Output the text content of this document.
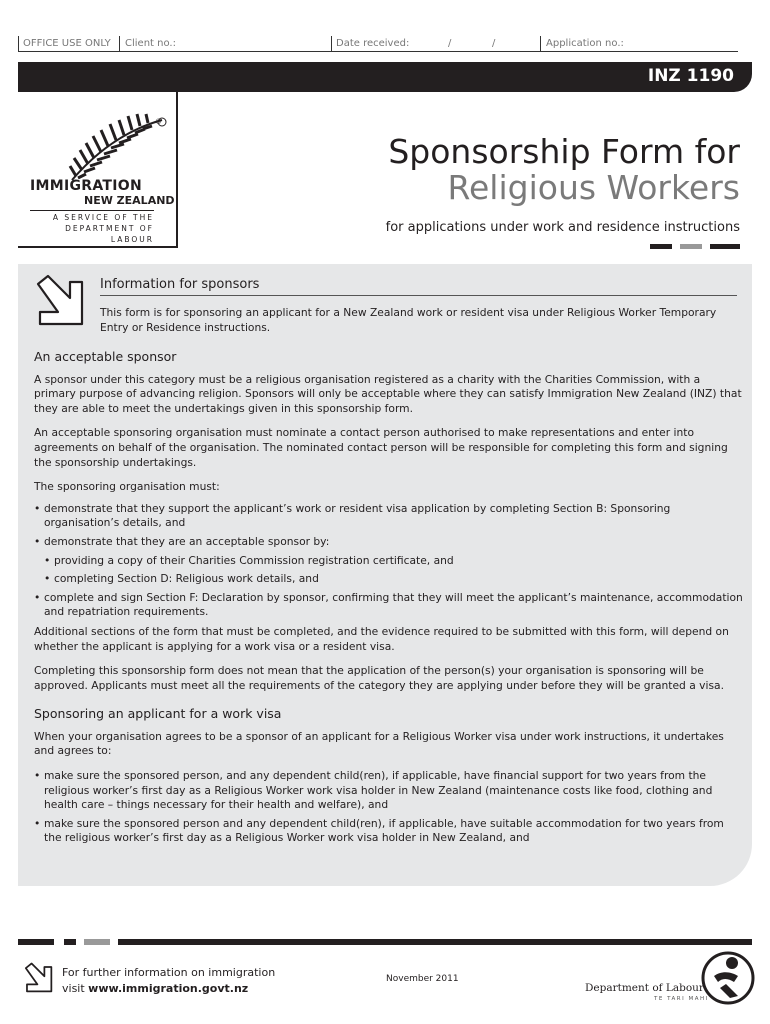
OFFICE USE ONLY Client no.:	Date received:	/	/	Application no.:
INZ 1190
®
IMMIGRATION
NEW ZEALAND
A SERVICE OF THE
DEPARTMENT OF LABOUR
Sponsorship Form for
Religious Workers
for applications under work and residence instructions
Information for sponsors
This form is for sponsoring an applicant for a New Zealand work or resident visa under Religious Worker Temporary Entry or Residence instructions.
An acceptable sponsor

A sponsor under this category must be a religious organisation registered as a charity with the Charities Commission, with a primary purpose of advancing religion. Sponsors will only be acceptable where they can satisfy Immigration New Zealand (INZ) that they are able to meet the undertakings given in this sponsorship form.

An acceptable sponsoring organisation must nominate a contact person authorised to make representations and enter into agreements on behalf of the organisation. The nominated contact person will be responsible for completing this form and signing the sponsorship undertakings.

The sponsoring organisation must:

• demonstrate that they support the applicant’s work or resident visa application by completing Section B: Sponsoring organisation’s details, and
• demonstrate that they are an acceptable sponsor by:
• providing a copy of their Charities Commission registration certificate, and
• completing Section D: Religious work details, and
• complete and sign Section F: Declaration by sponsor, confirming that they will meet the applicant’s maintenance, accommodation and repatriation requirements.

Additional sections of the form that must be completed, and the evidence required to be submitted with this form, will depend on whether the applicant is applying for a work visa or a resident visa.

Completing this sponsorship form does not mean that the application of the person(s) your organisation is sponsoring will be approved. Applicants must meet all the requirements of the category they are applying under before they will be granted a visa.

Sponsoring an applicant for a work visa

When your organisation agrees to be a sponsor of an applicant for a Religious Worker visa under work instructions, it undertakes and agrees to:

• make sure the sponsored person, and any dependent child(ren), if applicable, have financial support for two years from the religious worker’s first day as a Religious Worker work visa holder in New Zealand (maintenance costs like food, clothing and health care – things necessary for their health and welfare), and
• make sure the sponsored person and any dependent child(ren), if applicable, have suitable accommodation for two years from the religious worker’s first day as a Religious Worker work visa holder in New Zealand, and
For further information on immigration
visit www.immigration.govt.nz
November 2011
Department of Labour
TE TARI MAHI
